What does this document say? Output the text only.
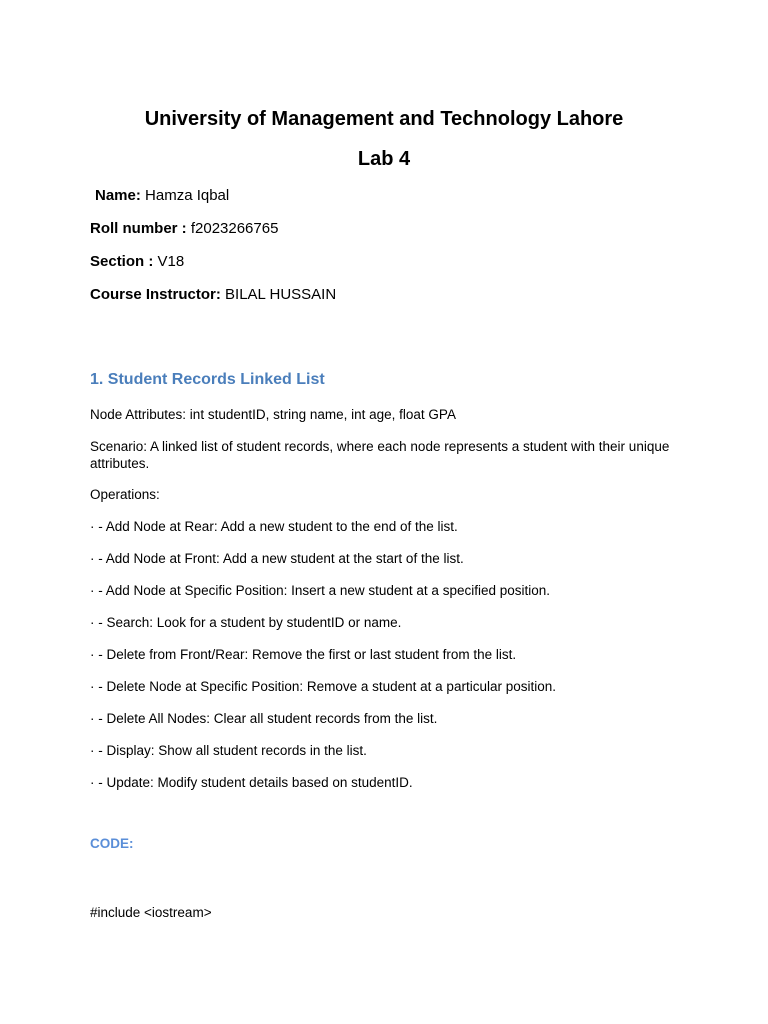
University of Management and Technology Lahore
Lab 4

Name: Hamza Iqbal

Roll number : f2023266765

Section : V18

Course Instructor: BILAL HUSSAIN

1. Student Records Linked List

Node Attributes: int studentID, string name, int age, float GPA

Scenario: A linked list of student records, where each node represents a student with their unique attributes.

Operations:

· - Add Node at Rear: Add a new student to the end of the list.

· - Add Node at Front: Add a new student at the start of the list.

· - Add Node at Specific Position: Insert a new student at a specified position.

· - Search: Look for a student by studentID or name.

· - Delete from Front/Rear: Remove the first or last student from the list.

· - Delete Node at Specific Position: Remove a student at a particular position.

· - Delete All Nodes: Clear all student records from the list.

· - Display: Show all student records in the list.

· - Update: Modify student details based on studentID.

CODE:

#include <iostream>
